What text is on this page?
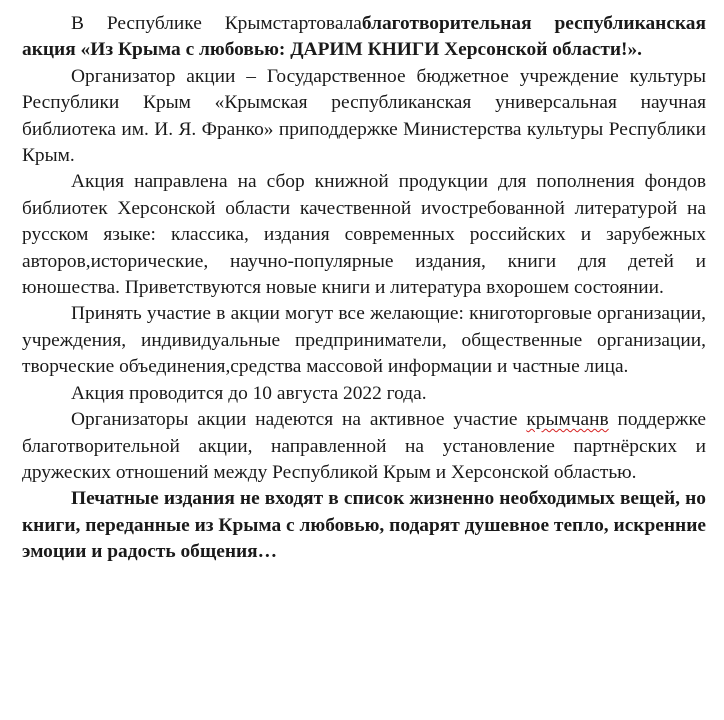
В Республике Крымстартовалаблаготворительная республиканская акция «Из Крыма с любовью: ДАРИМ КНИГИ Херсонской области!».

Организатор акции – Государственное бюджетное учреждение культуры Республики Крым «Крымская республиканская универсальная научная библиотека им. И. Я. Франко» приподдержке Министерства культуры Республики Крым.

Акция направлена на сбор книжной продукции для пополнения фондов библиотек Херсонской области качественной иvостребованной литературой на русском языке: классика, издания современных российских и зарубежных авторов,исторические, научно-популярные издания, книги для детей и юношества. Приветствуются новые книги и литература вхорошем состоянии.

Принять участие в акции могут все желающие: книготорговые организации, учреждения, индивидуальные предприниматели, общественные организации, творческие объединения,средства массовой информации и частные лица.

Акция проводится до 10 августа 2022 года.

Организаторы акции надеются на активное участие крымчанв поддержке благотворительной акции, направленной на установление партнёрских и дружеских отношений между Республикой Крым и Херсонской областью.

Печатные издания не входят в список жизненно необходимых вещей, но книги, переданные из Крыма с любовью, подарят душевное тепло, искренние эмоции и радость общения…
